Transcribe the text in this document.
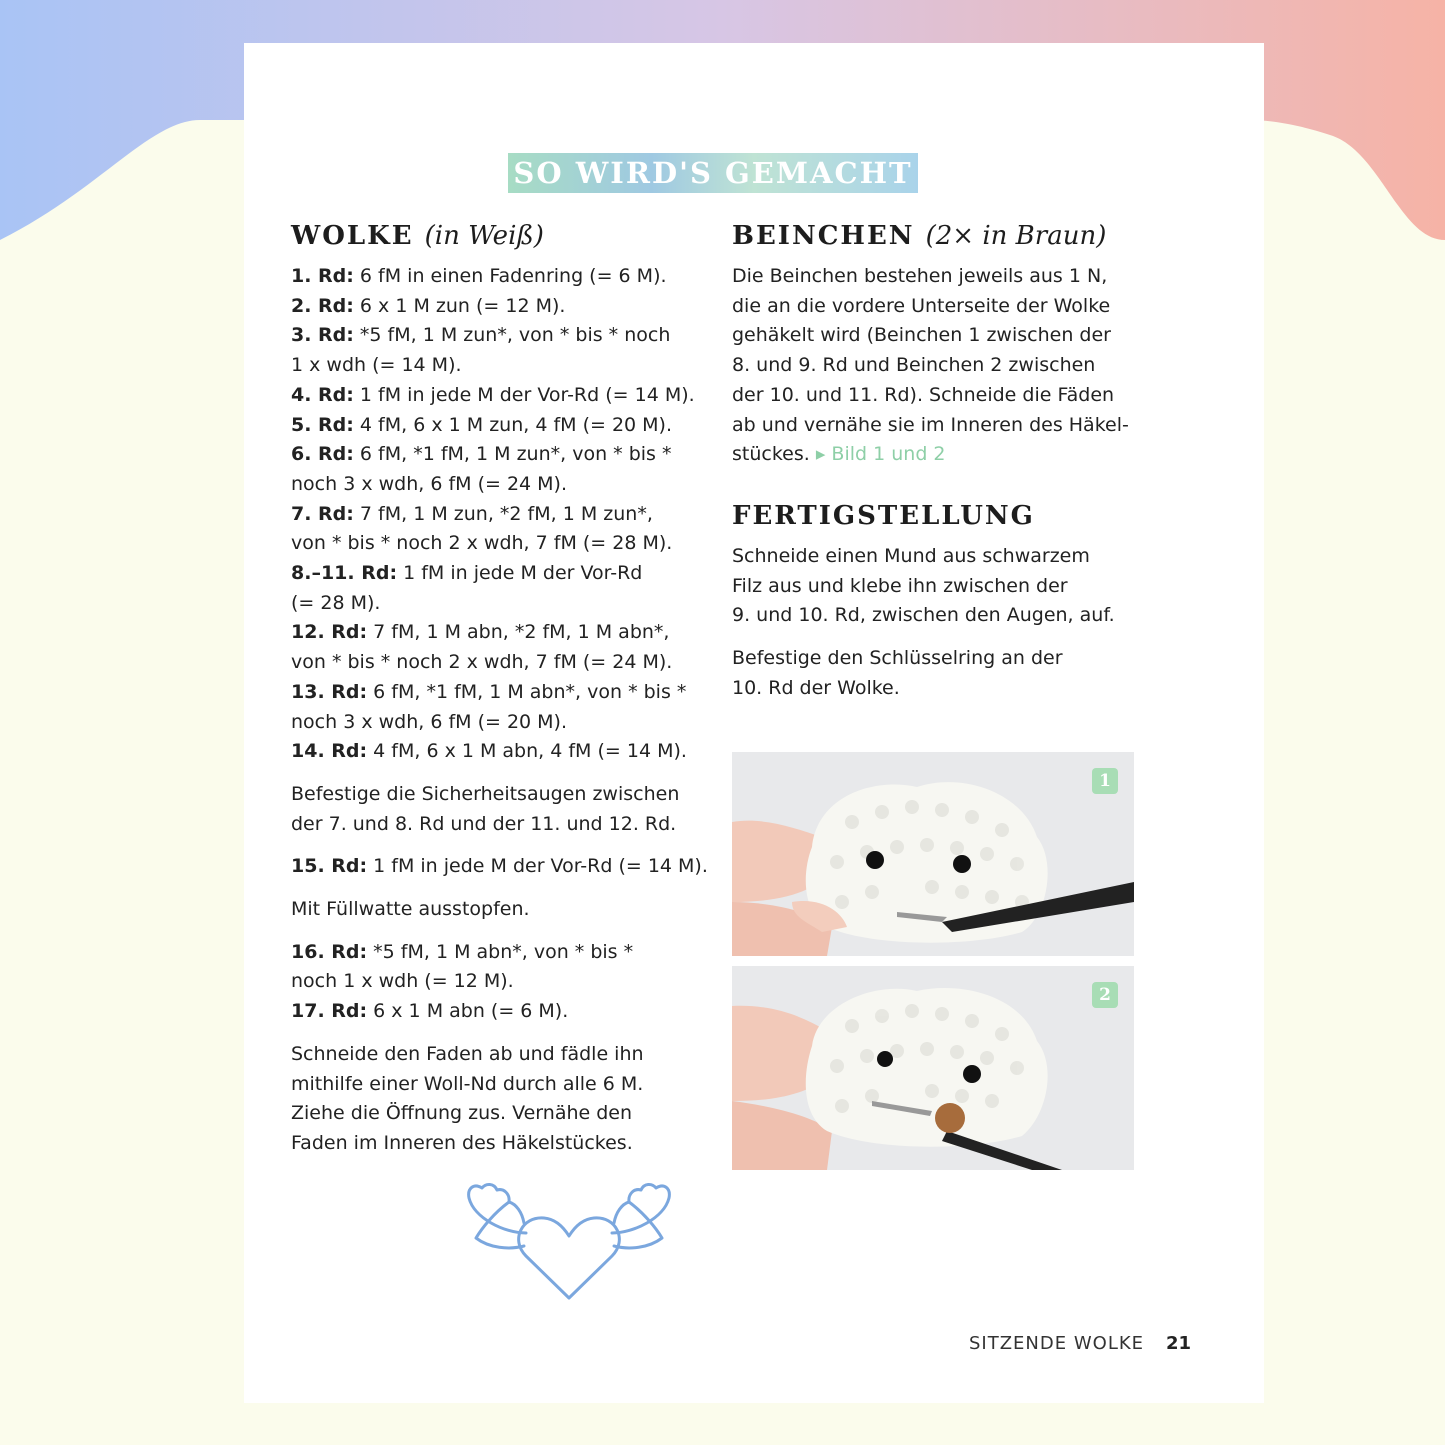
SO WIRD'S GEMACHT
WOLKE (in Weiß)
1. Rd: 6 fM in einen Fadenring (= 6 M).
2. Rd: 6 x 1 M zun (= 12 M).
3. Rd: *5 fM, 1 M zun*, von * bis * noch
1 x wdh (= 14 M).
4. Rd: 1 fM in jede M der Vor-Rd (= 14 M).
5. Rd: 4 fM, 6 x 1 M zun, 4 fM (= 20 M).
6. Rd: 6 fM, *1 fM, 1 M zun*, von * bis *
noch 3 x wdh, 6 fM (= 24 M).
7. Rd: 7 fM, 1 M zun, *2 fM, 1 M zun*,
von * bis * noch 2 x wdh, 7 fM (= 28 M).
8.–11. Rd: 1 fM in jede M der Vor-Rd
(= 28 M).
12. Rd: 7 fM, 1 M abn, *2 fM, 1 M abn*,
von * bis * noch 2 x wdh, 7 fM (= 24 M).
13. Rd: 6 fM, *1 fM, 1 M abn*, von * bis *
noch 3 x wdh, 6 fM (= 20 M).
14. Rd: 4 fM, 6 x 1 M abn, 4 fM (= 14 M).
Befestige die Sicherheitsaugen zwischen
der 7. und 8. Rd und der 11. und 12. Rd.
15. Rd: 1 fM in jede M der Vor-Rd (= 14 M).
Mit Füllwatte ausstopfen.
16. Rd: *5 fM, 1 M abn*, von * bis *
noch 1 x wdh (= 12 M).
17. Rd: 6 x 1 M abn (= 6 M).
Schneide den Faden ab und fädle ihn
mithilfe einer Woll-Nd durch alle 6 M.
Ziehe die Öffnung zus. Vernähe den
Faden im Inneren des Häkelstückes.
BEINCHEN (2× in Braun)
Die Beinchen bestehen jeweils aus 1 N,
die an die vordere Unterseite der Wolke
gehäkelt wird (Beinchen 1 zwischen der
8. und 9. Rd und Beinchen 2 zwischen
der 10. und 11. Rd). Schneide die Fäden
ab und vernähe sie im Inneren des Häkel-
stückes. ▸ Bild 1 und 2
FERTIGSTELLUNG
Schneide einen Mund aus schwarzem
Filz aus und klebe ihn zwischen der
9. und 10. Rd, zwischen den Augen, auf.
Befestige den Schlüsselring an der
10. Rd der Wolke.
1
2
SITZENDE WOLKE 21
